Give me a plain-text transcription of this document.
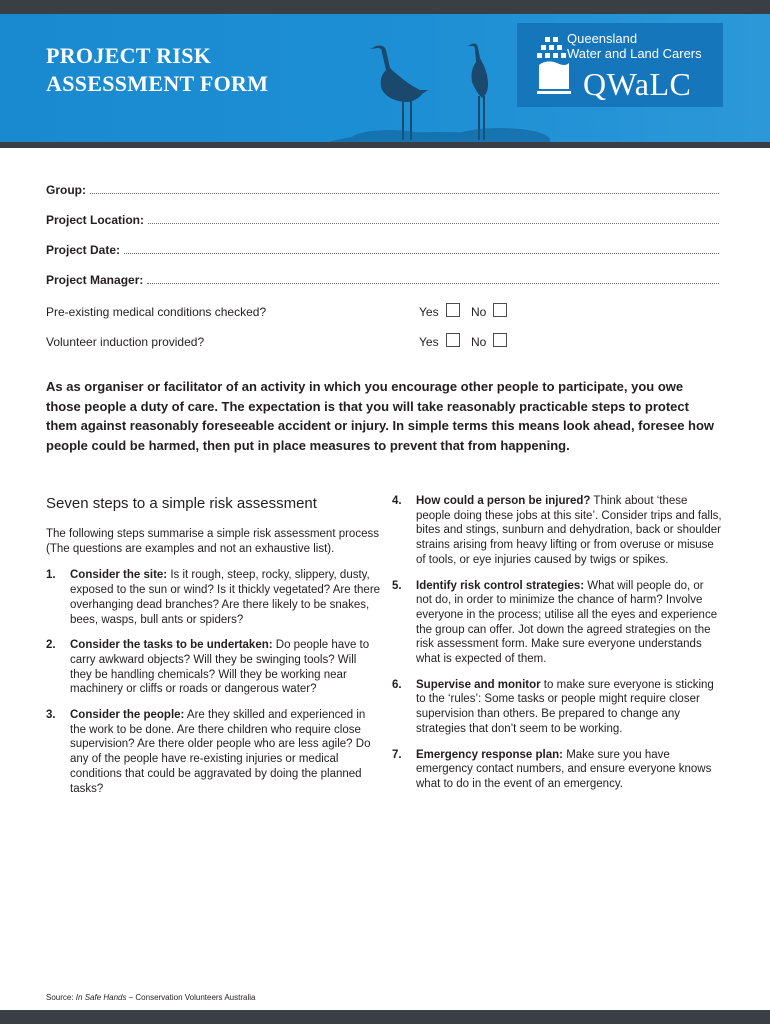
Queensland
Water and Land Carers
QWaLC
PROJECT RISK
ASSESSMENT FORM
Group:
Project Location:
Project Date:
Project Manager:
Pre-existing medical conditions checked?	Yes	No
Volunteer induction provided?	Yes	No

As as organiser or facilitator of an activity in which you encourage other people to participate, you owe those people a duty of care. The expectation is that you will take reasonably practicable steps to protect them against reasonably foreseeable accident or injury. In simple terms this means look ahead, foresee how people could be harmed, then put in place measures to prevent that from happening.

Seven steps to a simple risk assessment

The following steps summarise a simple risk assessment process (The questions are examples and not an exhaustive list).

1. Consider the site: Is it rough, steep, rocky, slippery, dusty, exposed to the sun or wind? Is it thickly vegetated? Are there overhanging dead branches? Are there likely to be snakes, bees, wasps, bull ants or spiders?
2. Consider the tasks to be undertaken: Do people have to carry awkward objects? Will they be swinging tools? Will they be handling chemicals? Will they be working near machinery or cliffs or roads or dangerous water?
3. Consider the people: Are they skilled and experienced in the work to be done. Are there children who require close supervision? Are there older people who are less agile? Do any of the people have re-existing injuries or medical conditions that could be aggravated by doing the planned tasks?
4. How could a person be injured? Think about ‘these people doing these jobs at this site’. Consider trips and falls, bites and stings, sunburn and dehydration, back or shoulder strains arising from heavy lifting or from overuse or misuse of tools, or eye injuries caused by twigs or spikes.
5. Identify risk control strategies: What will people do, or not do, in order to minimize the chance of harm? Involve everyone in the process; utilise all the eyes and experience the group can offer. Jot down the agreed strategies on the risk assessment form. Make sure everyone understands what is expected of them.
6. Supervise and monitor to make sure everyone is sticking to the ‘rules’: Some tasks or people might require closer supervision than others. Be prepared to change any strategies that don’t seem to be working.
7. Emergency response plan: Make sure you have emergency contact numbers, and ensure everyone knows what to do in the event of an emergency.
Source: In Safe Hands – Conservation Volunteers Australia
